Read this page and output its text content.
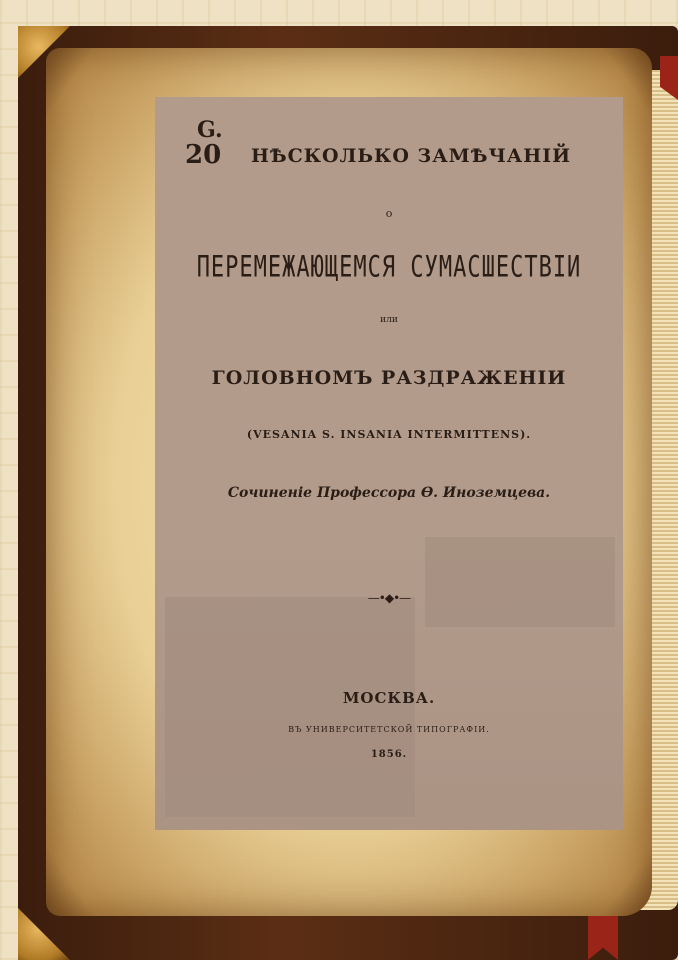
G.
20	НѢСКОЛЬКО ЗАМѢЧАНІЙ
о
ПЕРЕМЕЖАЮЩЕМСЯ СУМАСШЕСТВІИ
или
ГОЛОВНОМЪ РАЗДРАЖЕНІИ
(VESANIA S. INSANIA INTERMITTENS).
Сочиненіе Профессора Ѳ. Иноземцева.
—•◆•—
МОСКВА.
ВЪ УНИВЕРСИТЕТСКОЙ ТИПОГРАФІИ.
1856.
